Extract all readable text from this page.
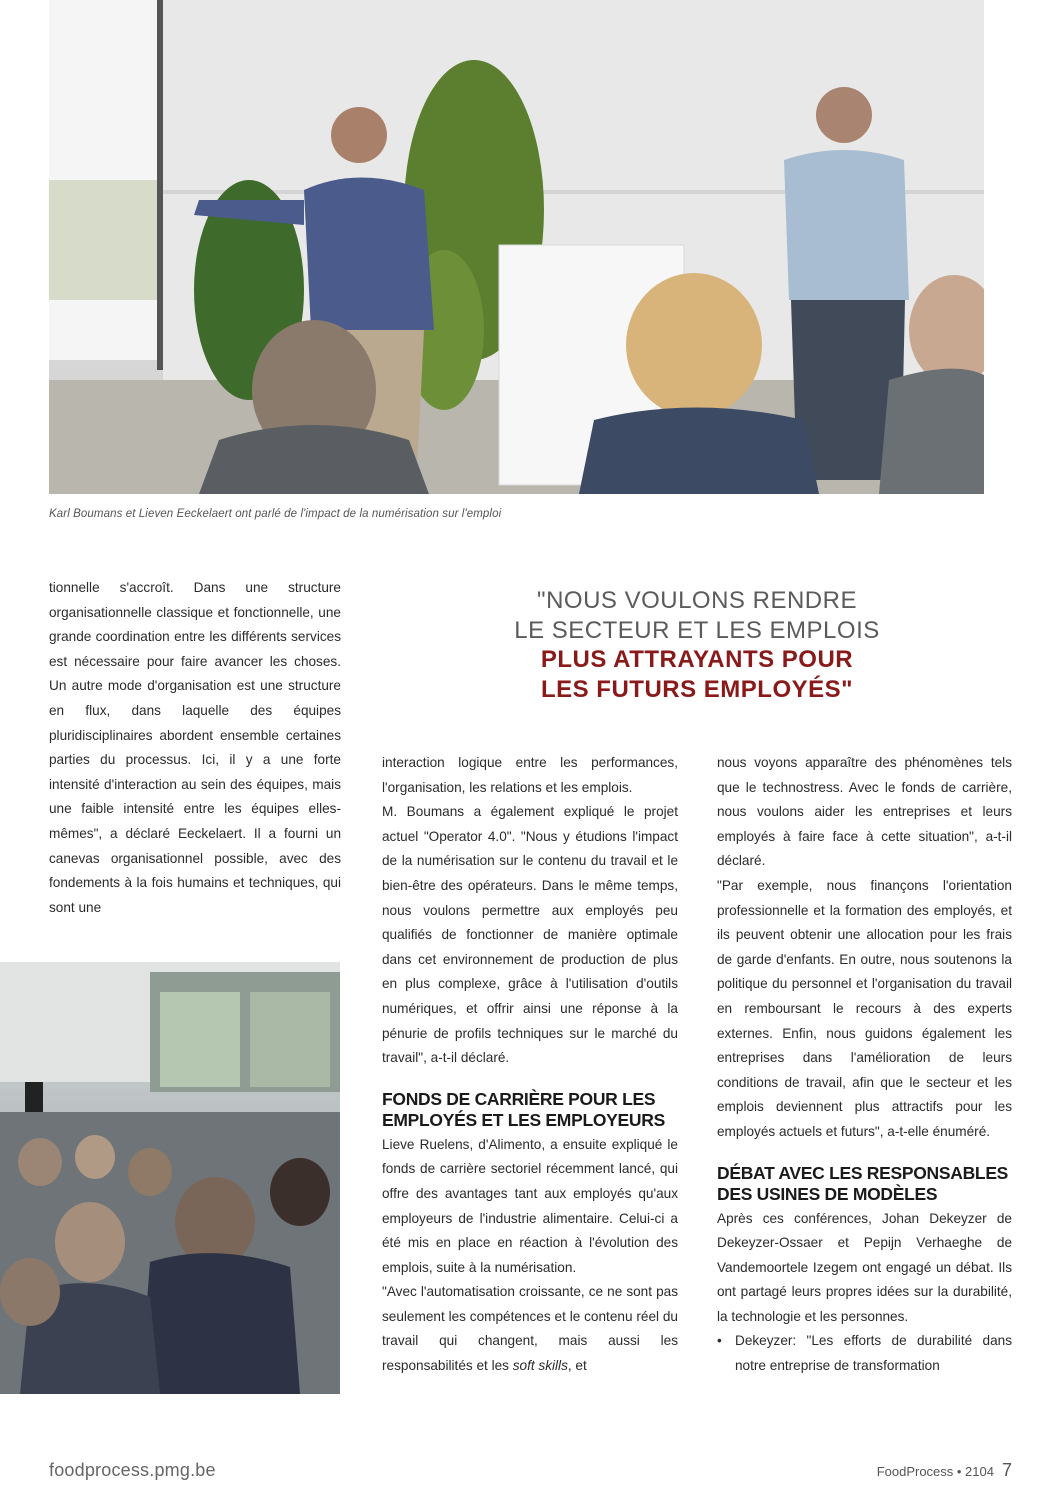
Karl Boumans et Lieven Eeckelaert ont parlé de l'impact de la numérisation sur l'emploi

tionnelle s'accroît. Dans une structure organisationnelle classique et fonctionnelle, une grande coordination entre les différents services est nécessaire pour faire avancer les choses. Un autre mode d'organisation est une structure en flux, dans laquelle des équipes pluridisciplinaires abordent ensemble certaines parties du processus. Ici, il y a une forte intensité d'interaction au sein des équipes, mais une faible intensité entre les équipes elles-mêmes", a déclaré Eeckelaert. Il a fourni un canevas organisationnel possible, avec des fondements à la fois humains et techniques, qui sont une

"NOUS VOULONS RENDRE
LE SECTEUR ET LES EMPLOIS
PLUS ATTRAYANTS POUR
LES FUTURS EMPLOYÉS"

interaction logique entre les performances, l'organisation, les relations et les emplois.

M. Boumans a également expliqué le projet actuel "Operator 4.0". "Nous y étudions l'impact de la numérisation sur le contenu du travail et le bien-être des opérateurs. Dans le même temps, nous voulons permettre aux employés peu qualifiés de fonctionner de manière optimale dans cet environnement de production de plus en plus complexe, grâce à l'utilisation d'outils numériques, et offrir ainsi une réponse à la pénurie de profils techniques sur le marché du travail", a-t-il déclaré.

FONDS DE CARRIÈRE POUR LES EMPLOYÉS ET LES EMPLOYEURS

Lieve Ruelens, d'Alimento, a ensuite expliqué le fonds de carrière sectoriel récemment lancé, qui offre des avantages tant aux employés qu'aux employeurs de l'industrie alimentaire. Celui-ci a été mis en place en réaction à l'évolution des emplois, suite à la numérisation.

"Avec l'automatisation croissante, ce ne sont pas seulement les compétences et le contenu réel du travail qui changent, mais aussi les responsabilités et les soft skills, et

nous voyons apparaître des phénomènes tels que le technostress. Avec le fonds de carrière, nous voulons aider les entreprises et leurs employés à faire face à cette situation", a-t-il déclaré.

"Par exemple, nous finançons l'orientation professionnelle et la formation des employés, et ils peuvent obtenir une allocation pour les frais de garde d'enfants. En outre, nous soutenons la politique du personnel et l'organisation du travail en remboursant le recours à des experts externes. Enfin, nous guidons également les entreprises dans l'amélioration de leurs conditions de travail, afin que le secteur et les emplois deviennent plus attractifs pour les employés actuels et futurs", a-t-elle énuméré.

DÉBAT AVEC LES RESPONSABLES DES USINES DE MODÈLES

Après ces conférences, Johan Dekeyzer de Dekeyzer-Ossaer et Pepijn Verhaeghe de Vandemoortele Izegem ont engagé un débat. Ils ont partagé leurs propres idées sur la durabilité, la technologie et les personnes.

• Dekeyzer: "Les efforts de durabilité dans notre entreprise de transformation
foodprocess.pmg.be	FoodProcess • 2104 7
